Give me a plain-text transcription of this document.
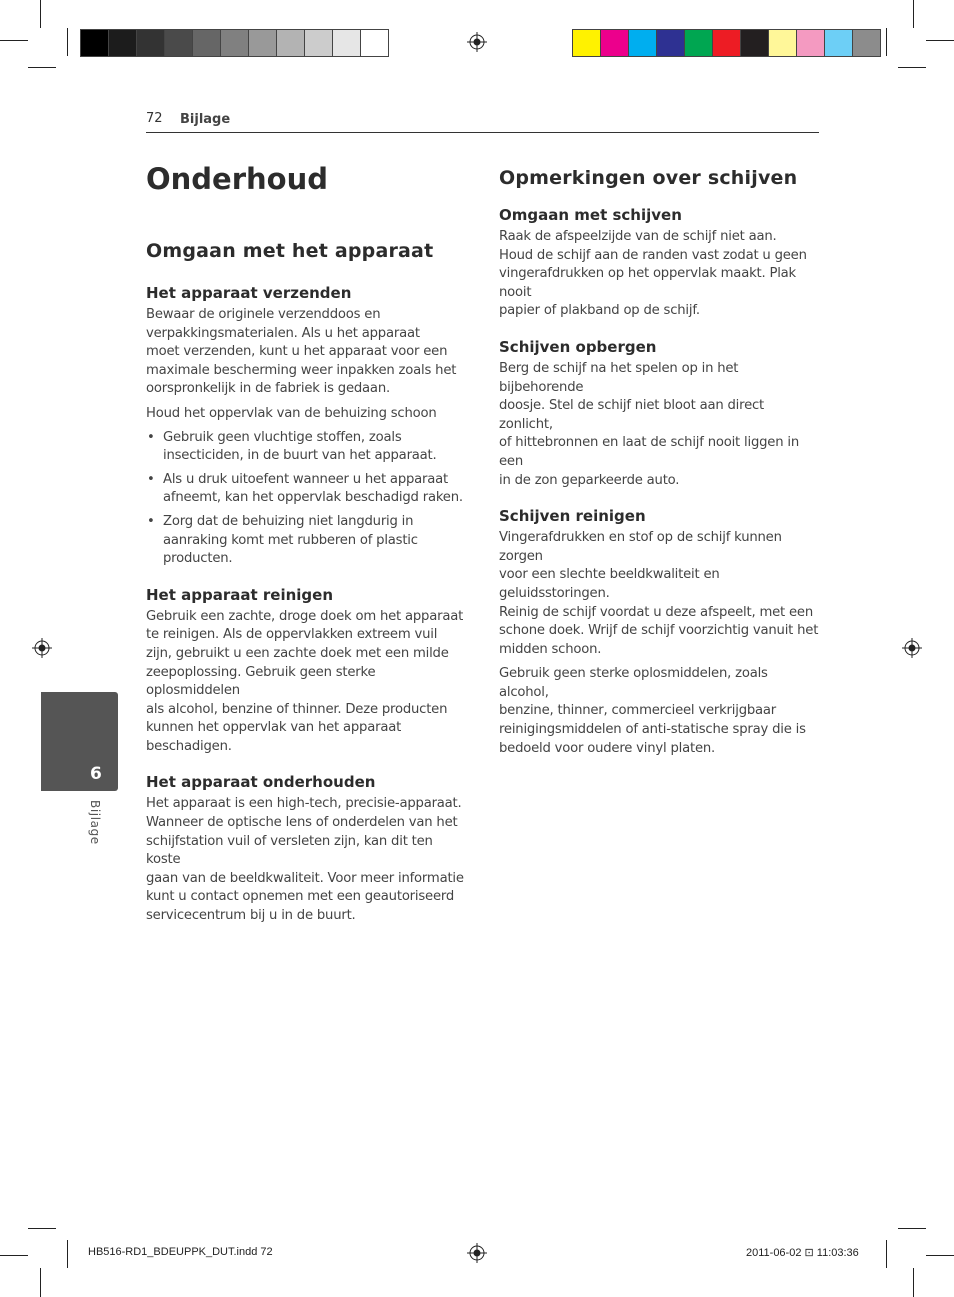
72 Bijlage
Onderhoud
Omgaan met het apparaat
Het apparaat verzenden

Bewaar de originele verzenddoos en
verpakkingsmaterialen. Als u het apparaat
moet verzenden, kunt u het apparaat voor een
maximale bescherming weer inpakken zoals het
oorspronkelijk in de fabriek is gedaan.

Houd het oppervlak van de behuizing schoon

• Gebruik geen vluchtige stoffen, zoals
insecticiden, in de buurt van het apparaat.
• Als u druk uitoefent wanneer u het apparaat
afneemt, kan het oppervlak beschadigd raken.
• Zorg dat de behuizing niet langdurig in
aanraking komt met rubberen of plastic
producten.
Het apparaat reinigen

Gebruik een zachte, droge doek om het apparaat
te reinigen. Als de oppervlakken extreem vuil
zijn, gebruikt u een zachte doek met een milde
zeepoplossing. Gebruik geen sterke oplosmiddelen
als alcohol, benzine of thinner. Deze producten
kunnen het oppervlak van het apparaat
beschadigen.

Het apparaat onderhouden

Het apparaat is een high-tech, precisie-apparaat.
Wanneer de optische lens of onderdelen van het
schijfstation vuil of versleten zijn, kan dit ten koste
gaan van de beeldkwaliteit. Voor meer informatie
kunt u contact opnemen met een geautoriseerd
servicecentrum bij u in de buurt.

Opmerkingen over schijven
Omgaan met schijven

Raak de afspeelzijde van de schijf niet aan.
Houd de schijf aan de randen vast zodat u geen
vingerafdrukken op het oppervlak maakt. Plak nooit
papier of plakband op de schijf.

Schijven opbergen

Berg de schijf na het spelen op in het bijbehorende
doosje. Stel de schijf niet bloot aan direct zonlicht,
of hittebronnen en laat de schijf nooit liggen in een
in de zon geparkeerde auto.

Schijven reinigen

Vingerafdrukken en stof op de schijf kunnen zorgen
voor een slechte beeldkwaliteit en geluidsstoringen.
Reinig de schijf voordat u deze afspeelt, met een
schone doek. Wrijf de schijf voorzichtig vanuit het
midden schoon.

Gebruik geen sterke oplosmiddelen, zoals alcohol,
benzine, thinner, commercieel verkrijgbaar
reinigingsmiddelen of anti-statische spray die is
bedoeld voor oudere vinyl platen.

6
Bijlage
HB516-RD1_BDEUPPK_DUT.indd 72	2011-06-02 ⊡ 11:03:36
